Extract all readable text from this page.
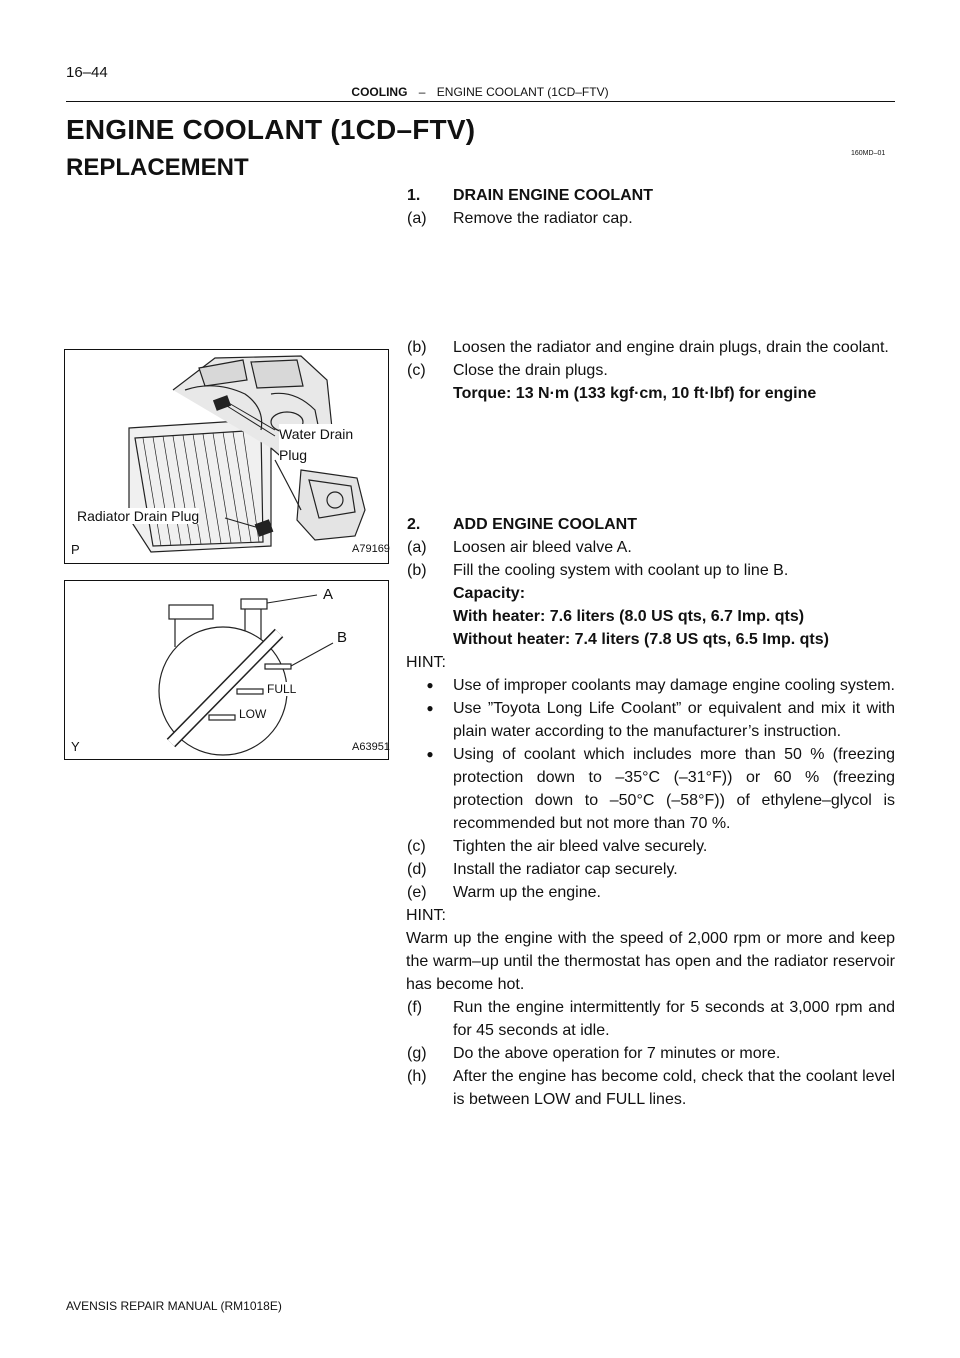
16–44
COOLING – ENGINE COOLANT (1CD–FTV)
ENGINE COOLANT (1CD–FTV)
160MD–01
REPLACEMENT
Water Drain
Plug
Radiator Drain Plug
P	A79169
A
B
FULL
LOW
Y	A63951
1.	DRAIN ENGINE COOLANT
(a)	Remove the radiator cap.
(b)	Loosen the radiator and engine drain plugs, drain the coolant.
(c)	Close the drain plugs.
Torque: 13 N·m (133 kgf·cm, 10 ft·lbf) for engine
2.	ADD ENGINE COOLANT
(a)	Loosen air bleed valve A.
(b)	Fill the cooling system with coolant up to line B.
Capacity:
With heater: 7.6 liters (8.0 US qts, 6.7 Imp. qts)
Without heater: 7.4 liters (7.8 US qts, 6.5 Imp. qts)
HINT:
●	Use of improper coolants may damage engine cooling system.
●	Use ”Toyota Long Life Coolant” or equivalent and mix it with plain water according to the manufacturer’s instruction.
●	Using of coolant which includes more than 50 % (freezing protection down to –35°C (–31°F)) or 60 % (freezing protection down to –50°C (–58°F)) of ethylene–glycol is recommended but not more than 70 %.
(c)	Tighten the air bleed valve securely.
(d)	Install the radiator cap securely.
(e)	Warm up the engine.
HINT:
Warm up the engine with the speed of 2,000 rpm or more and keep the warm–up until the thermostat has open and the radiator reservoir has become hot.
(f)	Run the engine intermittently for 5 seconds at 3,000 rpm and for 45 seconds at idle.
(g)	Do the above operation for 7 minutes or more.
(h)	After the engine has become cold, check that the coolant level is between LOW and FULL lines.
AVENSIS REPAIR MANUAL (RM1018E)
